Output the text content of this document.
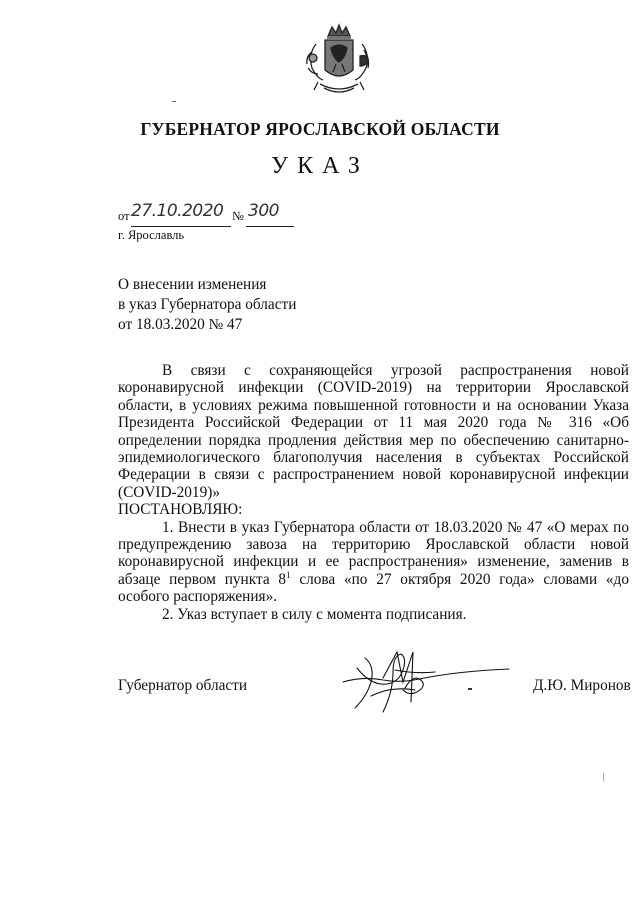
ГУБЕРНАТОР ЯРОСЛАВСКОЙ ОБЛАСТИ
УКАЗ
от 27.10.2020 № 300
г. Ярославль
О внесении изменения
в указ Губернатора области
от 18.03.2020 № 47

В связи с сохраняющейся угрозой распространения новой коронавирусной инфекции (COVID-2019) на территории Ярославской области, в условиях режима повышенной готовности и на основании Указа Президента Российской Федерации от 11 мая 2020 года № 316 «Об определении порядка продления действия мер по обеспечению санитарно-эпидемиологического благополучия населения в субъектах Российской Федерации в связи с распространением новой коронавирусной инфекции (COVID-2019)»

ПОСТАНОВЛЯЮ:

1. Внести в указ Губернатора области от 18.03.2020 № 47 «О мерах по предупреждению завоза на территорию Ярославской области новой коронавирусной инфекции и ее распространения» изменение, заменив в абзаце первом пункта $8^1$ слова «по 27 октября 2020 года» словами «до особого распоряжения».

2. Указ вступает в силу с момента подписания.

Губернатор области	Д.Ю. Миронов
